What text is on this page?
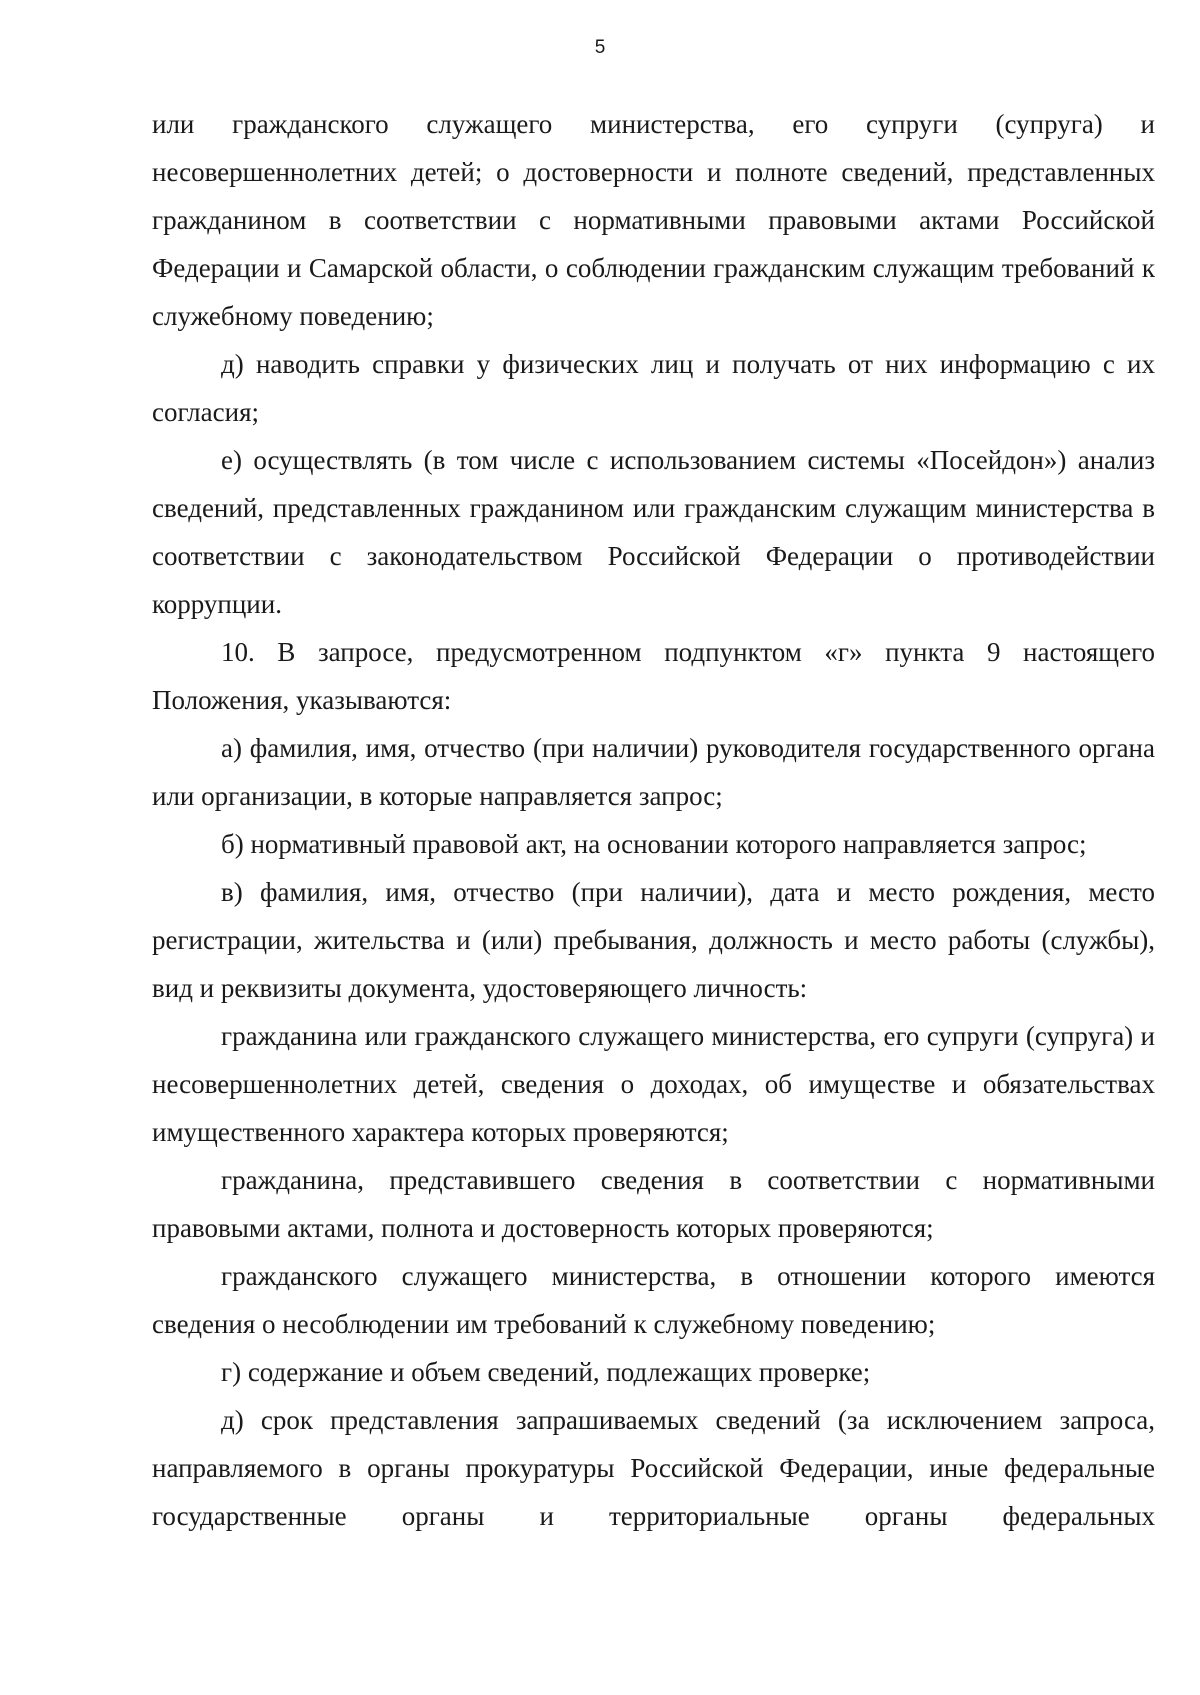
5

или гражданского служащего министерства, его супруги (супруга) и несовершеннолетних детей; о достоверности и полноте сведений, представленных гражданином в соответствии с нормативными правовыми актами Российской Федерации и Самарской области, о соблюдении гражданским служащим требований к служебному поведению;

д) наводить справки у физических лиц и получать от них информацию с их согласия;

е) осуществлять (в том числе с использованием системы «Посейдон») анализ сведений, представленных гражданином или гражданским служащим министерства в соответствии с законодательством Российской Федерации о противодействии коррупции.

10. В запросе, предусмотренном подпунктом «г» пункта 9 настоящего Положения, указываются:

а) фамилия, имя, отчество (при наличии) руководителя государственного органа или организации, в которые направляется запрос;

б) нормативный правовой акт, на основании которого направляется запрос;

в) фамилия, имя, отчество (при наличии), дата и место рождения, место регистрации, жительства и (или) пребывания, должность и место работы (службы), вид и реквизиты документа, удостоверяющего личность:

гражданина или гражданского служащего министерства, его супруги (супруга) и несовершеннолетних детей, сведения о доходах, об имуществе и обязательствах имущественного характера которых проверяются;

гражданина, представившего сведения в соответствии с нормативными правовыми актами, полнота и достоверность которых проверяются;

гражданского служащего министерства, в отношении которого имеются сведения о несоблюдении им требований к служебному поведению;

г) содержание и объем сведений, подлежащих проверке;

д) срок представления запрашиваемых сведений (за исключением запроса, направляемого в органы прокуратуры Российской Федерации, иные федеральные государственные органы и территориальные органы федеральных
